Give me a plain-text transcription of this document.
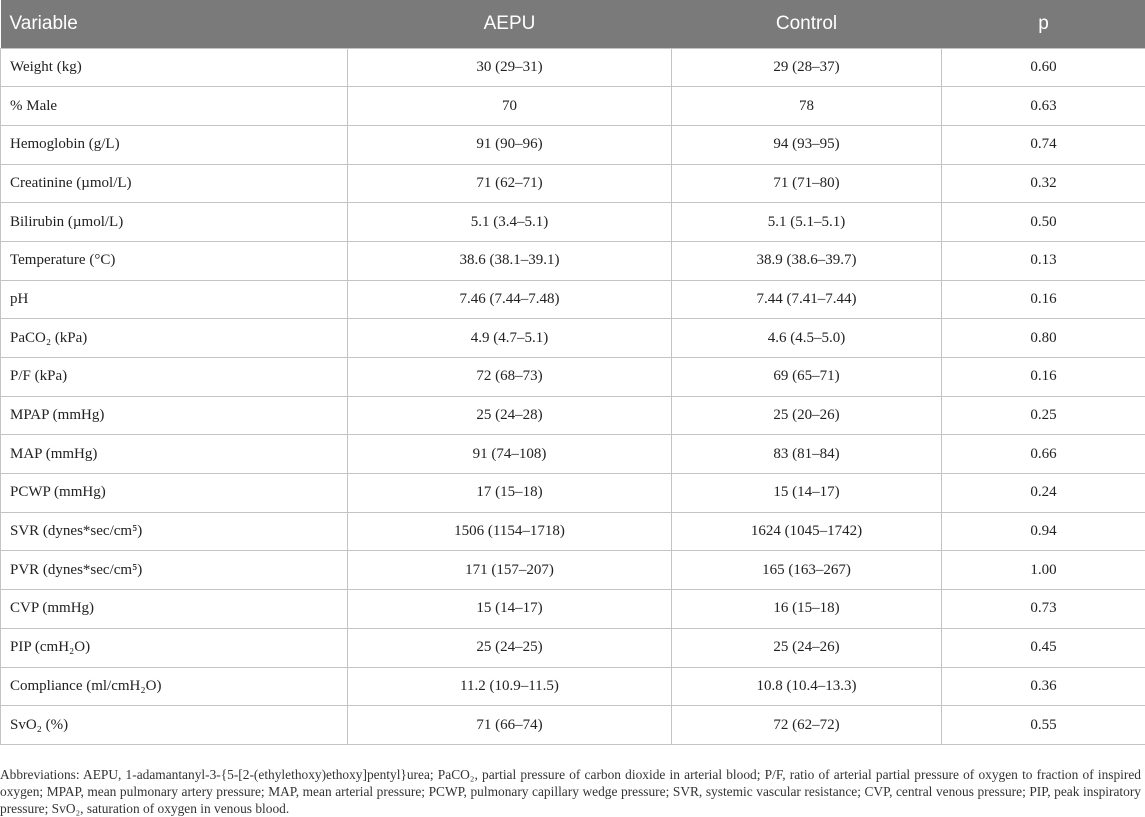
Variable	AEPU	Control	p
Weight (kg)	30 (29–31)	29 (28–37)	0.60
% Male	70	78	0.63
Hemoglobin (g/L)	91 (90–96)	94 (93–95)	0.74
Creatinine (µmol/L)	71 (62–71)	71 (71–80)	0.32
Bilirubin (µmol/L)	5.1 (3.4–5.1)	5.1 (5.1–5.1)	0.50
Temperature (°C)	38.6 (38.1–39.1)	38.9 (38.6–39.7)	0.13
pH	7.46 (7.44–7.48)	7.44 (7.41–7.44)	0.16
PaCO₂ (kPa)	4.9 (4.7–5.1)	4.6 (4.5–5.0)	0.80
P/F (kPa)	72 (68–73)	69 (65–71)	0.16
MPAP (mmHg)	25 (24–28)	25 (20–26)	0.25
MAP (mmHg)	91 (74–108)	83 (81–84)	0.66
PCWP (mmHg)	17 (15–18)	15 (14–17)	0.24
SVR (dynes*sec/cm⁵)	1506 (1154–1718)	1624 (1045–1742)	0.94
PVR (dynes*sec/cm⁵)	171 (157–207)	165 (163–267)	1.00
CVP (mmHg)	15 (14–17)	16 (15–18)	0.73
PIP (cmH₂O)	25 (24–25)	25 (24–26)	0.45
Compliance (ml/cmH₂O)	11.2 (10.9–11.5)	10.8 (10.4–13.3)	0.36
SvO₂ (%)	71 (66–74)	72 (62–72)	0.55
Abbreviations: AEPU, 1-adamantanyl-3-{5-[2-(ethylethoxy)ethoxy]pentyl}urea; PaCO₂, partial pressure of carbon dioxide in arterial blood; P/F, ratio of arterial partial pressure of oxygen to fraction of inspired oxygen; MPAP, mean pulmonary artery pressure; MAP, mean arterial pressure; PCWP, pulmonary capillary wedge pressure; SVR, systemic vascular resistance; CVP, central venous pressure; PIP, peak inspiratory pressure; SvO₂, saturation of oxygen in venous blood.
